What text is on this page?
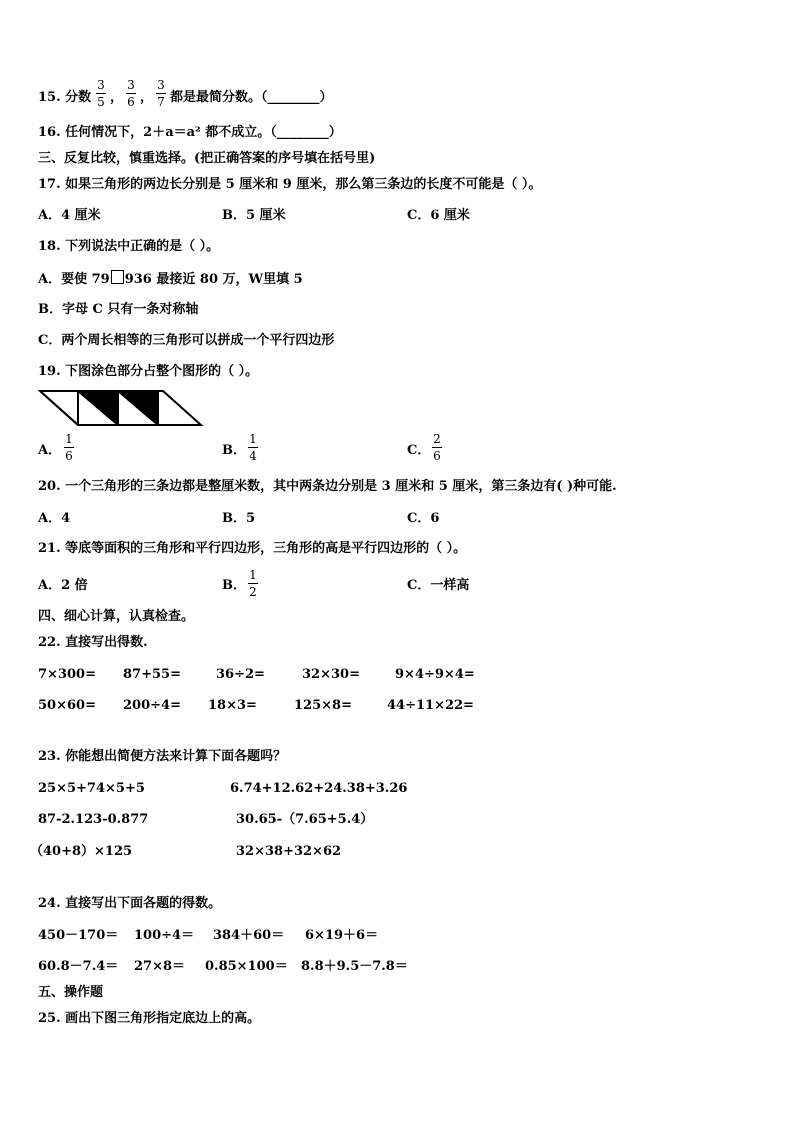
15. 分数
3
5 ，
3
6 ，
3
7 都是最简分数。（________）
16. 任何情况下，2＋a＝a² 都不成立。（________）
三、反复比较，慎重选择。(把正确答案的序号填在括号里)
17. 如果三角形的两边长分别是 5 厘米和 9 厘米，那么第三条边的长度不可能是（ ）。
A．4 厘米	B．5 厘米	C．6 厘米
18. 下列说法中正确的是（ ）。
A．要使 79 936 最接近 80 万，W里填 5
B．字母 C 只有一条对称轴
C．两个周长相等的三角形可以拼成一个平行四边形
19. 下图涂色部分占整个图形的（ ）。
A．
1
6	B．
1
4	C．
2
6
20. 一个三角形的三条边都是整厘米数，其中两条边分别是 3 厘米和 5 厘米，第三条边有( )种可能.
A．4	B．5	C．6
21. 等底等面积的三角形和平行四边形，三角形的高是平行四边形的（ ）。
A．2 倍	B．
1
2	C．一样高
四、细心计算，认真检查。
22. 直接写出得数.
7×300= 87+55=	36÷2=	32×30=	9×4÷9×4=
50×60= 200÷4= 18×3=	125×8=	44÷11×22=
23. 你能想出简便方法来计算下面各题吗？
25×5+74×5+5	6.74+12.62+24.38+3.26
87-2.123-0.877	30.65-（7.65+5.4）
（40+8）×125	32×38+32×62
24. 直接写出下面各题的得数。
450－170＝ 100÷4＝ 384＋60＝ 6×19＋6＝
60.8－7.4＝ 27×8＝ 0.85×100＝ 8.8＋9.5－7.8＝
五、操作题
25. 画出下图三角形指定底边上的高。
